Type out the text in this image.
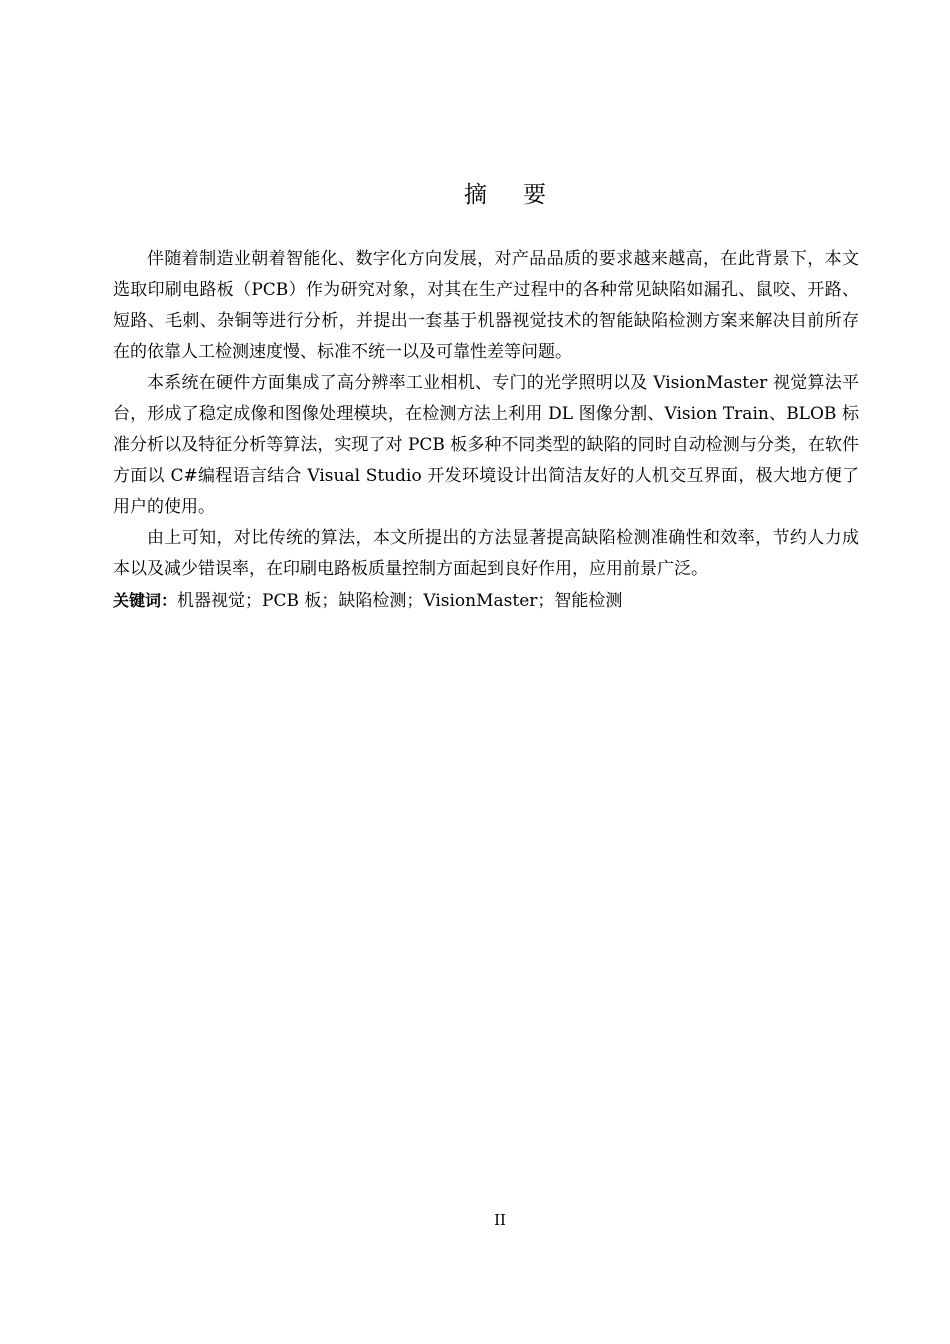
摘 要

伴随着制造业朝着智能化、数字化方向发展，对产品品质的要求越来越高，在此背景下，本文选取印刷电路板（PCB）作为研究对象，对其在生产过程中的各种常见缺陷如漏孔、鼠咬、开路、短路、毛刺、杂铜等进行分析，并提出一套基于机器视觉技术的智能缺陷检测方案来解决目前所存在的依靠人工检测速度慢、标准不统一以及可靠性差等问题。

本系统在硬件方面集成了高分辨率工业相机、专门的光学照明以及 VisionMaster 视觉算法平台，形成了稳定成像和图像处理模块，在检测方法上利用 DL 图像分割、Vision Train、BLOB 标准分析以及特征分析等算法，实现了对 PCB 板多种不同类型的缺陷的同时自动检测与分类，在软件方面以 C#编程语言结合 Visual Studio 开发环境设计出简洁友好的人机交互界面，极大地方便了用户的使用。

由上可知，对比传统的算法，本文所提出的方法显著提高缺陷检测准确性和效率，节约人力成本以及减少错误率，在印刷电路板质量控制方面起到良好作用，应用前景广泛。

关键词：机器视觉；PCB 板；缺陷检测；VisionMaster；智能检测

II
